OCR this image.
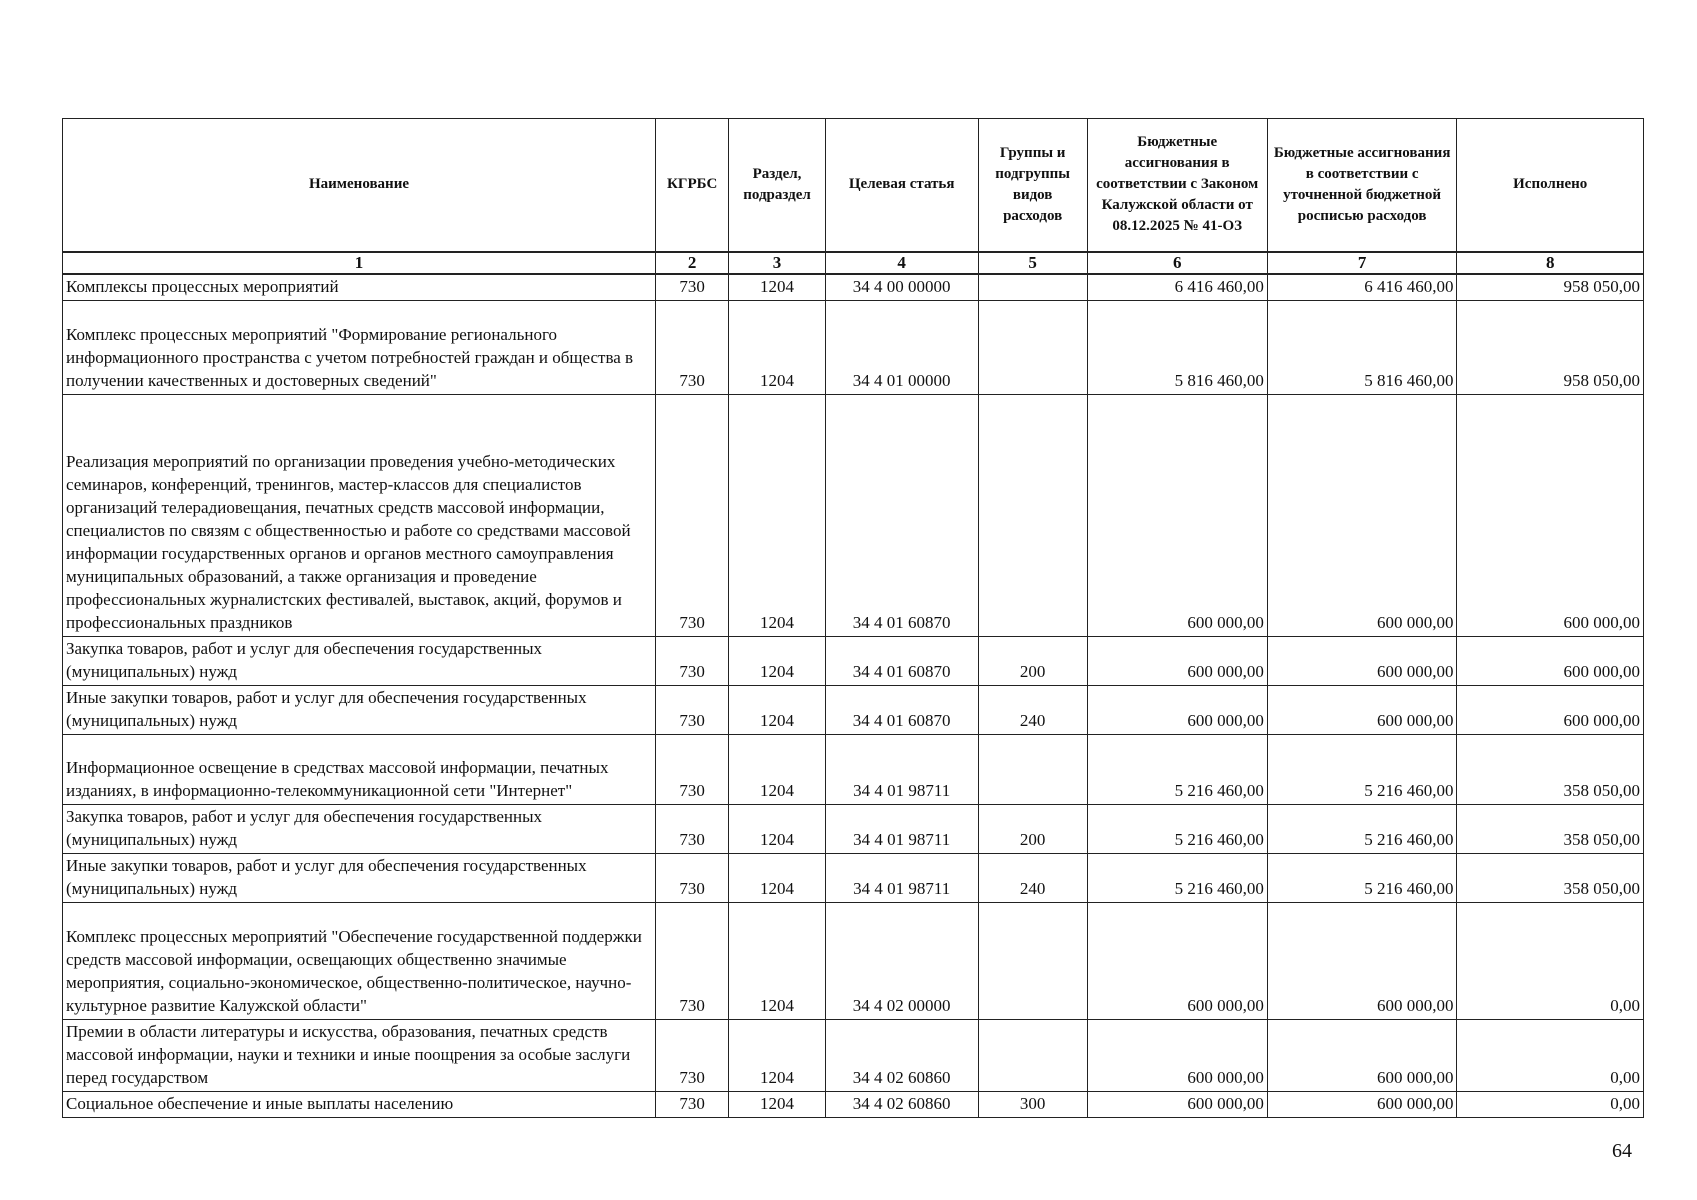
Наименование	КГРБС	Раздел, подраздел	Целевая статья	Группы и подгруппы видов расходов	Бюджетные ассигнования в соответствии с Законом Калужской области от 08.12.2025 № 41-ОЗ	Бюджетные ассигнования в соответствии с уточненной бюджетной росписью расходов	Исполнено
1	2	3	4	5	6	7	8
Комплексы процессных мероприятий	730	1204	34 4 00 00000		6 416 460,00	6 416 460,00	958 050,00
Комплекс процессных мероприятий "Формирование регионального информационного пространства с учетом потребностей граждан и общества в получении качественных и достоверных сведений"	730	1204	34 4 01 00000		5 816 460,00	5 816 460,00	958 050,00
Реализация мероприятий по организации проведения учебно-методических семинаров, конференций, тренингов, мастер-классов для специалистов организаций телерадиовещания, печатных средств массовой информации, специалистов по связям с общественностью и работе со средствами массовой информации государственных органов и органов местного самоуправления муниципальных образований, а также организация и проведение профессиональных журналистских фестивалей, выставок, акций, форумов и профессиональных праздников	730	1204	34 4 01 60870		600 000,00	600 000,00	600 000,00
Закупка товаров, работ и услуг для обеспечения государственных (муниципальных) нужд	730	1204	34 4 01 60870	200	600 000,00	600 000,00	600 000,00
Иные закупки товаров, работ и услуг для обеспечения государственных (муниципальных) нужд	730	1204	34 4 01 60870	240	600 000,00	600 000,00	600 000,00
Информационное освещение в средствах массовой информации, печатных изданиях, в информационно-телекоммуникационной сети "Интернет"	730	1204	34 4 01 98711		5 216 460,00	5 216 460,00	358 050,00
Закупка товаров, работ и услуг для обеспечения государственных (муниципальных) нужд	730	1204	34 4 01 98711	200	5 216 460,00	5 216 460,00	358 050,00
Иные закупки товаров, работ и услуг для обеспечения государственных (муниципальных) нужд	730	1204	34 4 01 98711	240	5 216 460,00	5 216 460,00	358 050,00
Комплекс процессных мероприятий "Обеспечение государственной поддержки средств массовой информации, освещающих общественно значимые мероприятия, социально-экономическое, общественно-политическое, научно-культурное развитие Калужской области"	730	1204	34 4 02 00000		600 000,00	600 000,00	0,00
Премии в области литературы и искусства, образования, печатных средств массовой информации, науки и техники и иные поощрения за особые заслуги перед государством	730	1204	34 4 02 60860		600 000,00	600 000,00	0,00
Социальное обеспечение и иные выплаты населению	730	1204	34 4 02 60860	300	600 000,00	600 000,00	0,00
64
